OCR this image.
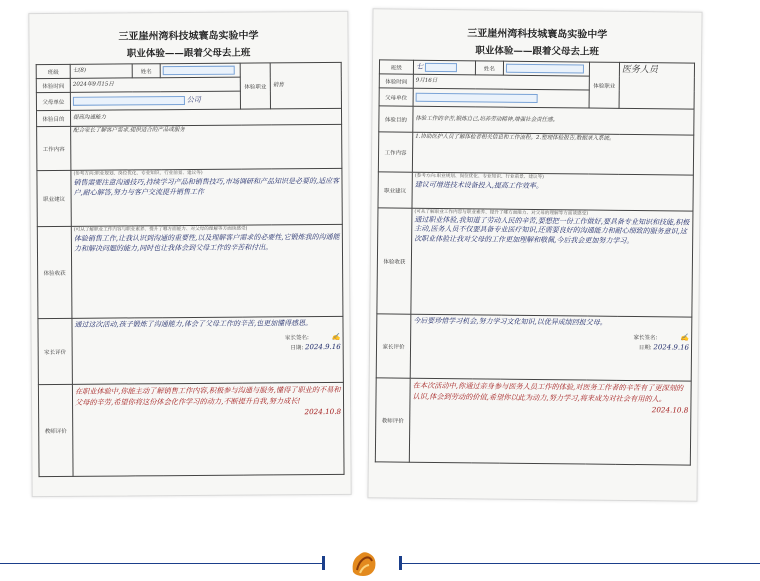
三亚崖州湾科技城寰岛实验中学
职业体验——跟着父母去上班
班级	七(8)	姓名		体验职业	销售
体验时间	2024年9月15日				
父母单位	公司				
体验目的	提高沟通能力				
工作内容	配合家长了解客户需求,提供适合的产品或服务				
职业建议	(参考方向:职业规划、岗位优化、专业知识、行业前景、建议等)
销售需要注意沟通技巧,持续学习产品和销售技巧,市场调研和产品知识是必要的,适应客户,耐心解答,努力与客户交流提升销售工作				

体验收获	(可从了解职业工作内容与职业素养、提升了哪方面能力、对父母的理解等方面谈感受)
体验销售工作,让我认识到沟通的重要性,以及理解客户需求的必要性,它锻炼我的沟通能力和解决问题的能力,同时也让我体会到父母工作的辛苦和付出。				

家长评价	通过这次活动,孩子锻炼了沟通能力,体会了父母工作的辛苦,也更加懂得感恩。
家长签名: ✍
日期: 2024.9.16				

教师评价	在职业体验中,你能主动了解销售工作内容,积极参与沟通与服务,懂得了职业的不易和父母的辛劳,希望你将这份体会化作学习的动力,不断提升自我,努力成长!
2024.10.8				
三亚崖州湾科技城寰岛实验中学
职业体验——跟着父母去上班
班级	七	姓名		体验职业	医务人员
体验时间	9月16日				
父母单位					
体验目的	体验工作的辛苦,锻炼自己,培养劳动精神,增强社会责任感。				
工作内容	1.协助医护人员了解体检者相关信息和工作流程。2.整理体检报告,数据录入系统。				
职业建议	(参考方向:职业规划、岗位优化、专业知识、行业前景、建议等)
建议可增进技术设备投入,提高工作效率。				

体验收获	(可从了解职业工作内容与职业素养、提升了哪方面能力、对父母的理解等方面谈感受)
通过职业体验,我知道了劳动人民的辛苦,要想把一份工作做好,要具备专业知识和技能,积极主动,医务人员不仅要具备专业医疗知识,还需要良好的沟通能力和耐心细致的服务意识,这次职业体验让我对父母的工作更加理解和敬佩,今后我会更加努力学习。				

家长评价	今后要珍惜学习机会,努力学习文化知识,以优异成绩回报父母。
家长签名: ✍
日期: 2024.9.16				

教师评价	在本次活动中,你通过亲身参与医务人员工作的体验,对医务工作者的辛苦有了更深刻的认识,体会到劳动的价值,希望你以此为动力,努力学习,将来成为对社会有用的人。
2024.10.8				
